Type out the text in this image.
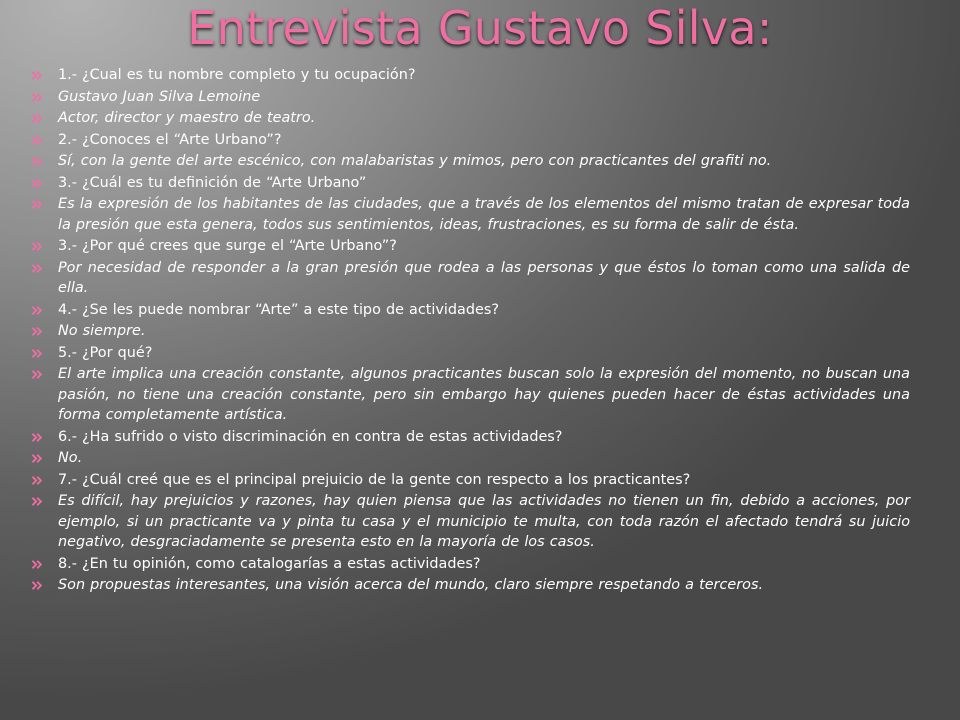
Entrevista Gustavo Silva:
1.- ¿Cual es tu nombre completo y tu ocupación?
Gustavo Juan Silva Lemoine
Actor, director y maestro de teatro.
2.- ¿Conoces el “Arte Urbano”?
Sí, con la gente del arte escénico, con malabaristas y mimos, pero con practicantes del grafiti no.
3.- ¿Cuál es tu definición de “Arte Urbano”
Es la expresión de los habitantes de las ciudades, que a través de los elementos del mismo tratan de expresar toda la presión que esta genera, todos sus sentimientos, ideas, frustraciones, es su forma de salir de ésta.
3.- ¿Por qué crees que surge el “Arte Urbano”?
Por necesidad de responder a la gran presión que rodea a las personas y que éstos lo toman como una salida de ella.
4.- ¿Se les puede nombrar “Arte” a este tipo de actividades?
No siempre.
5.- ¿Por qué?
El arte implica una creación constante, algunos practicantes buscan solo la expresión del momento, no buscan una pasión, no tiene una creación constante, pero sin embargo hay quienes pueden hacer de éstas actividades una forma completamente artística.
6.- ¿Ha sufrido o visto discriminación en contra de estas actividades?
No.
7.- ¿Cuál creé que es el principal prejuicio de la gente con respecto a los practicantes?
Es difícil, hay prejuicios y razones, hay quien piensa que las actividades no tienen un fin, debido a acciones, por ejemplo, si un practicante va y pinta tu casa y el municipio te multa, con toda razón el afectado tendrá su juicio negativo, desgraciadamente se presenta esto en la mayoría de los casos.
8.- ¿En tu opinión, como catalogarías a estas actividades?
Son propuestas interesantes, una visión acerca del mundo, claro siempre respetando a terceros.
